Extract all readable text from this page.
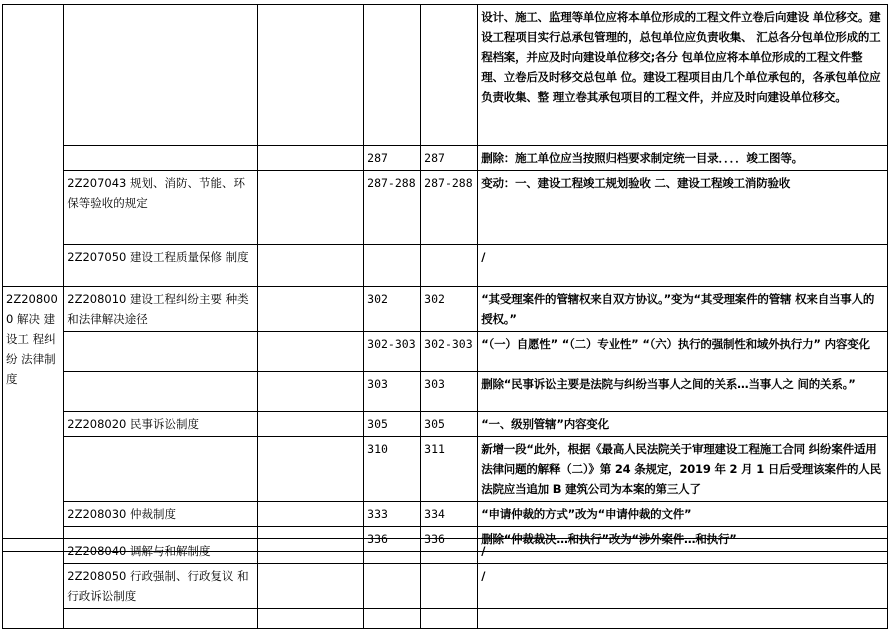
					设计、施工、监理等单位应将本单位形成的工程文件立卷后向建设 单位移交。建设工程项目实行总承包管理的，总包单位应负责收集、 汇总各分包单位形成的工程档案，并应及时向建设单位移交;各分 包单位应将本单位形成的工程文件整理、立卷后及时移交总包单 位。建设工程项目由几个单位承包的，各承包单位应负责收集、整 理立卷其承包项目的工程文件，并应及时向建设单位移交。
			287	287	删除：施工单位应当按照归档要求制定统一目录．．．．竣工图等。
	2Z207043 规划、消防、节能、环保等验收的规定		287-288	287-288	变动：一、建设工程竣工规划验收 二、建设工程竣工消防验收
	2Z207050 建设工程质量保修 制度				/
2Z20800 0 解决 建设工 程纠纷 法律制 度	2Z208010 建设工程纠纷主要 种类和法律解决途径		302	302	“其受理案件的管辖权来自双方协议。”变为“其受理案件的管辖 权来自当事人的授权。”
			302-303	302-303	“（一）自愿性” “（二）专业性” “（六）执行的强制性和域外执行力” 内容变化
			303	303	删除“民事诉讼主要是法院与纠纷当事人之间的关系…当事人之 间的关系。”
	2Z208020 民事诉讼制度		305	305	“一、级别管辖”内容变化
			310	311	新增一段“此外，根据《最高人民法院关于审理建设工程施工合同 纠纷案件适用法律问题的解释（二）》第 24 条规定，2019 年 2 月 1 日后受理该案件的人民法院应当追加 B 建筑公司为本案的第三人了
	2Z208030 仲裁制度		333	334	“申请仲裁的方式”改为“申请仲裁的文件”
			336	336	删除“仲裁裁决…和执行”改为“涉外案件…和执行”
	2Z208040 调解与和解制度				/
	2Z208050 行政强制、行政复议 和行政诉讼制度				/
